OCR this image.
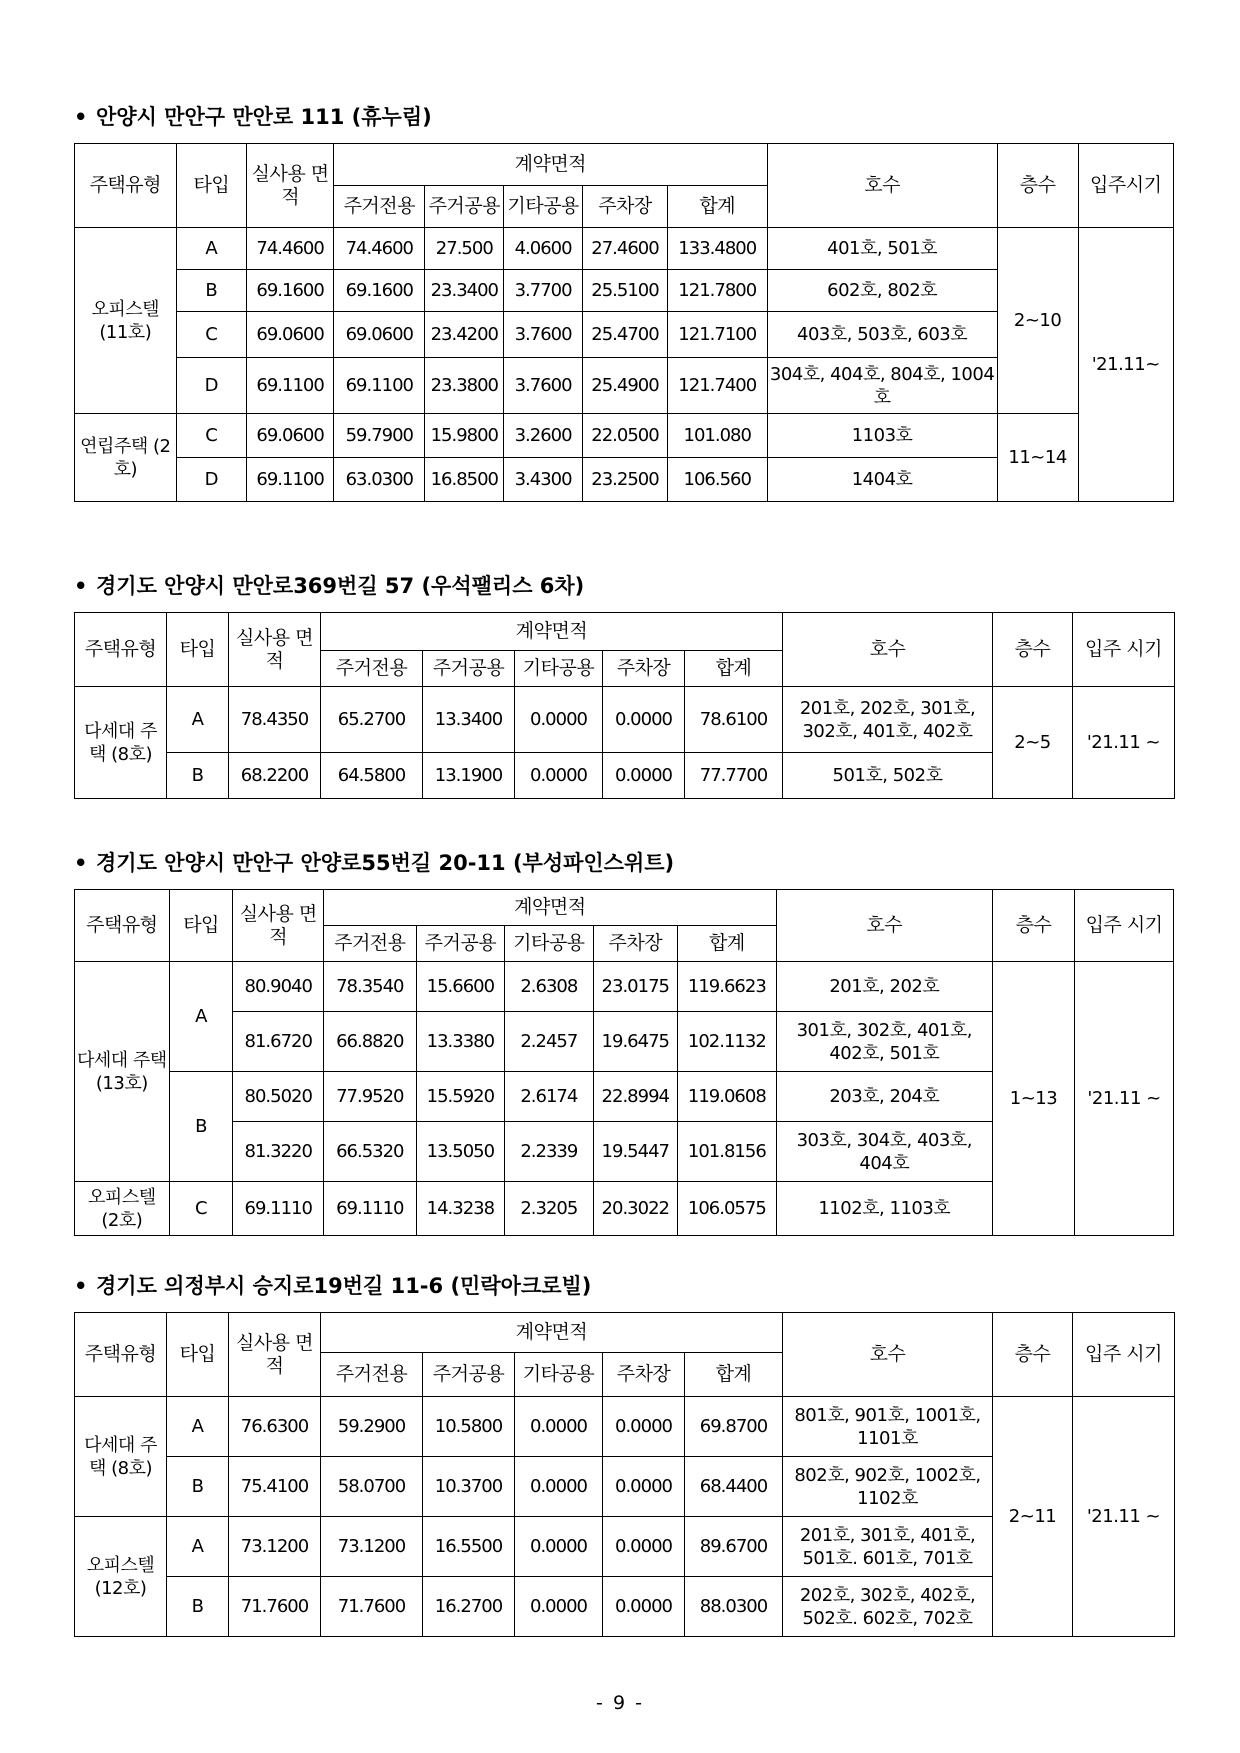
• 안양시 만안구 만안로 111 (휴누림)
주택유형	타입	실사용 면적	계약면적					호수	층수	입주시기
			주거전용	주거공용	기타공용	주차장	합계			
오피스텔 (11호)	A	74.4600	74.4600	27.500	4.0600	27.4600	133.4800	401호, 501호	2~10	'21.11~
	B	69.1600	69.1600	23.3400	3.7700	25.5100	121.7800	602호, 802호		
	C	69.0600	69.0600	23.4200	3.7600	25.4700	121.7100	403호, 503호, 603호		
	D	69.1100	69.1100	23.3800	3.7600	25.4900	121.7400	304호, 404호, 804호, 1004호		
연립주택 (2호)	C	69.0600	59.7900	15.9800	3.2600	22.0500	101.080	1103호	11~14	
	D	69.1100	63.0300	16.8500	3.4300	23.2500	106.560	1404호		
• 경기도 안양시 만안로369번길 57 (우석팰리스 6차)
주택유형	타입	실사용 면적	계약면적					호수	층수	입주 시기
			주거전용	주거공용	기타공용	주차장	합계			
다세대 주택 (8호)	A	78.4350	65.2700	13.3400	0.0000	0.0000	78.6100	201호, 202호, 301호, 302호, 401호, 402호	2~5	'21.11 ~
	B	68.2200	64.5800	13.1900	0.0000	0.0000	77.7700	501호, 502호		
• 경기도 안양시 만안구 안양로55번길 20-11 (부성파인스위트)
주택유형	타입	실사용 면적	계약면적					호수	층수	입주 시기
			주거전용	주거공용	기타공용	주차장	합계			
다세대 주택 (13호)	A	80.9040	78.3540	15.6600	2.6308	23.0175	119.6623	201호, 202호	1~13	'21.11 ~
		81.6720	66.8820	13.3380	2.2457	19.6475	102.1132	301호, 302호, 401호, 402호, 501호		
	B	80.5020	77.9520	15.5920	2.6174	22.8994	119.0608	203호, 204호		
		81.3220	66.5320	13.5050	2.2339	19.5447	101.8156	303호, 304호, 403호, 404호		
오피스텔 (2호)	C	69.1110	69.1110	14.3238	2.3205	20.3022	106.0575	1102호, 1103호		
• 경기도 의정부시 승지로19번길 11-6 (민락아크로빌)
주택유형	타입	실사용 면적	계약면적					호수	층수	입주 시기
			주거전용	주거공용	기타공용	주차장	합계			
다세대 주택 (8호)	A	76.6300	59.2900	10.5800	0.0000	0.0000	69.8700	801호, 901호, 1001호, 1101호	2~11	'21.11 ~
	B	75.4100	58.0700	10.3700	0.0000	0.0000	68.4400	802호, 902호, 1002호, 1102호		
오피스텔 (12호)	A	73.1200	73.1200	16.5500	0.0000	0.0000	89.6700	201호, 301호, 401호, 501호. 601호, 701호		
	B	71.7600	71.7600	16.2700	0.0000	0.0000	88.0300	202호, 302호, 402호, 502호. 602호, 702호		
- 9 -
